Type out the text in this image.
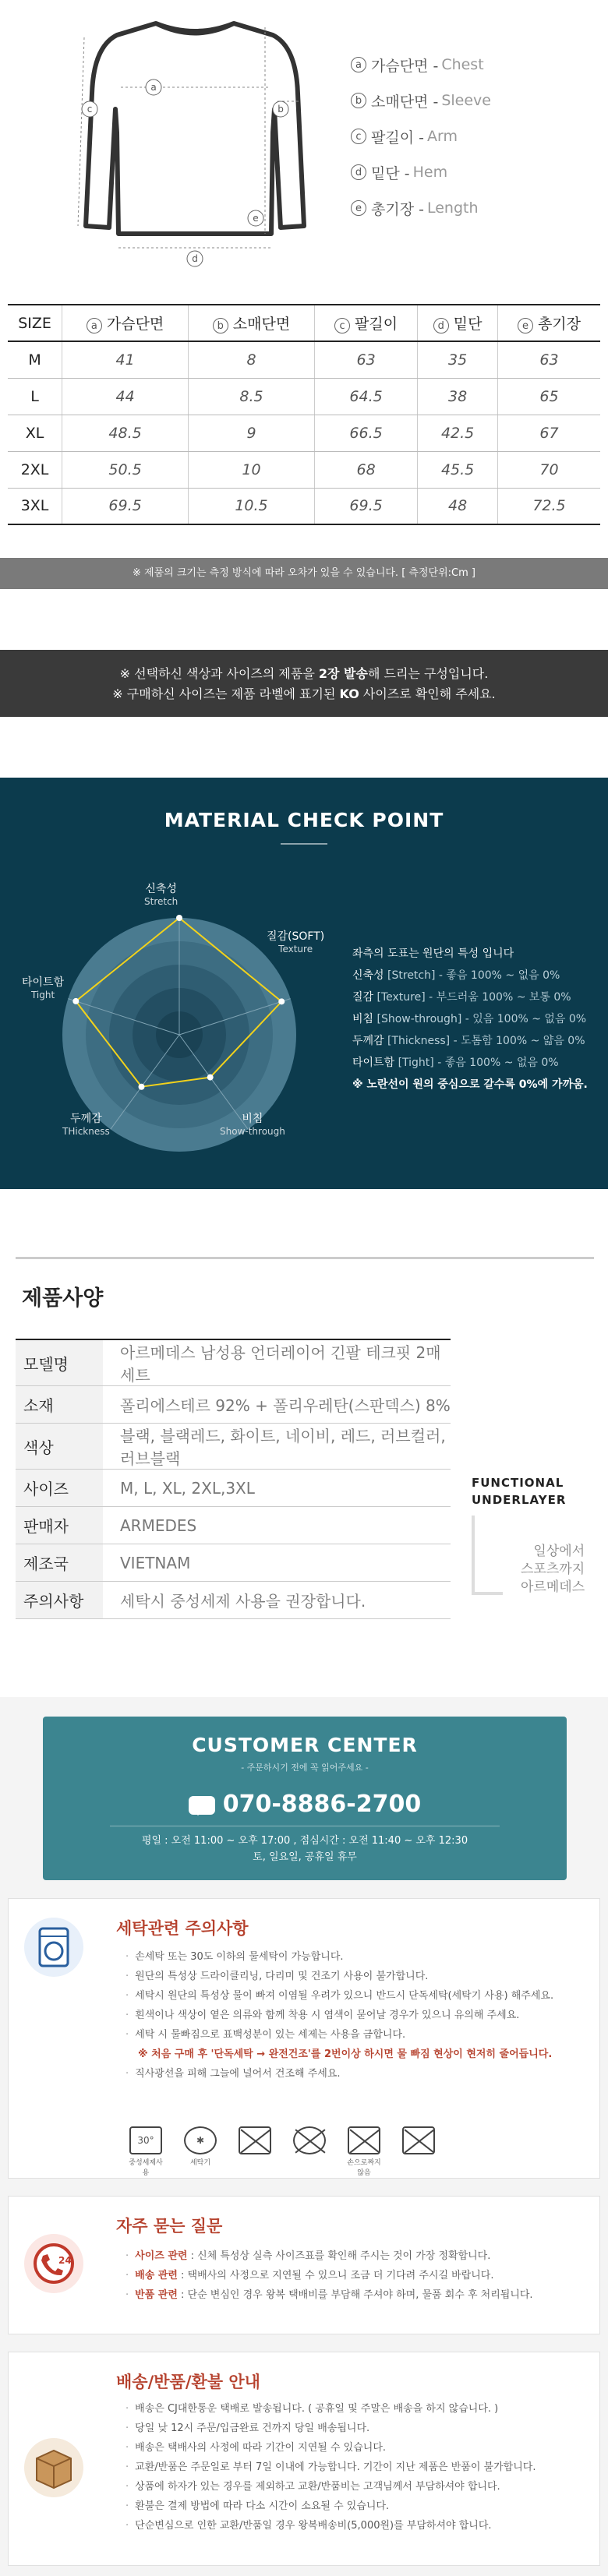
a
b
c
d
e
a 가슴단면 - Chest
b 소매단면 - Sleeve
c 팔길이 - Arm
d 밑단 - Hem
e 총기장 - Length
SIZE	a 가슴단면	b 소매단면	c 팔길이	d 밑단	e 총기장
M	41	8	63	35	63
L	44	8.5	64.5	38	65
XL	48.5	9	66.5	42.5	67
2XL	50.5	10	68	45.5	70
3XL	69.5	10.5	69.5	48	72.5
※ 제품의 크기는 측정 방식에 따라 오차가 있을 수 있습니다. [ 측정단위:Cm ]
※ 선택하신 색상과 사이즈의 제품을 2장 발송해 드리는 구성입니다.
※ 구매하신 사이즈는 제품 라벨에 표기된 KO 사이즈로 확인해 주세요.
MATERIAL CHECK POINT
신축성
Stretch
질감(SOFT)
Texture
비침
Show-through
두께감
THickness
타이트함
Tight
좌측의 도표는 원단의 특성 입니다
신축성 [Stretch] - 좋음 100% ~ 없음 0%
질감 [Texture] - 부드러움 100% ~ 보통 0%
비침 [Show-through] - 있음 100% ~ 없음 0%
두께감 [Thickness] - 도톰함 100% ~ 얇음 0%
타이트함 [Tight] - 좋음 100% ~ 없음 0%
※ 노란선이 원의 중심으로 갈수록 0%에 가까움.
제품사양
모델명	아르메데스 남성용 언더레이어 긴팔 테크핏 2매세트
소재	폴리에스테르 92% + 폴리우레탄(스판덱스) 8%
색상	블랙, 블랙레드, 화이트, 네이비, 레드, 러브컬러, 러브블랙
사이즈	M, L, XL, 2XL,3XL
판매자	ARMEDES
제조국	VIETNAM
주의사항	세탁시 중성세제 사용을 권장합니다.
FUNCTIONAL
UNDERLAYER
일상에서
스포츠까지
아르메데스
CUSTOMER CENTER
- 주문하시기 전에 꼭 읽어주세요 -
070-8886-2700
평일 : 오전 11:00 ~ 오후 17:00 , 점심시간 : 오전 11:40 ~ 오후 12:30
토, 일요일, 공휴일 휴무
세탁관련 주의사항
· 손세탁 또는 30도 이하의 물세탁이 가능합니다.
· 원단의 특성상 드라이클리닝, 다리미 및 건조기 사용이 불가합니다.
· 세탁시 원단의 특성상 물이 빠져 이염될 우려가 있으니 반드시 단독세탁(세탁기 사용) 해주세요.
· 흰색이나 색상이 옅은 의류와 함께 착용 시 염색이 묻어날 경우가 있으니 유의해 주세요.
· 세탁 시 물빠짐으로 표백성분이 있는 세제는 사용을 금합니다.
※ 처음 구매 후 '단독세탁 → 완전건조'를 2번이상 하시면 물 빠짐 현상이 현저히 줄어듭니다.
· 직사광선을 피해 그늘에 널어서 건조해 주세요.
30°
중성세제사용
✱
세탁기	손으로짜지않음
24
자주 묻는 질문
· 사이즈 관련 : 신체 특성상 실측 사이즈표를 확인해 주시는 것이 가장 정확합니다.
· 배송 관련 : 택배사의 사정으로 지연될 수 있으니 조금 더 기다려 주시길 바랍니다.
· 반품 관련 : 단순 변심인 경우 왕복 택배비를 부담해 주셔야 하며, 물품 회수 후 처리됩니다.
배송/반품/환불 안내
· 배송은 CJ대한통운 택배로 발송됩니다. ( 공휴일 및 주말은 배송을 하지 않습니다. )
· 당일 낮 12시 주문/입금완료 건까지 당일 배송됩니다.
· 배송은 택배사의 사정에 따라 기간이 지연될 수 있습니다.
· 교환/반품은 주문일로 부터 7일 이내에 가능합니다. 기간이 지난 제품은 반품이 불가합니다.
· 상품에 하자가 있는 경우를 제외하고 교환/반품비는 고객님께서 부담하셔야 합니다.
· 환불은 결제 방법에 따라 다소 시간이 소요될 수 있습니다.
· 단순변심으로 인한 교환/반품일 경우 왕복배송비(5,000원)를 부담하셔야 합니다.
